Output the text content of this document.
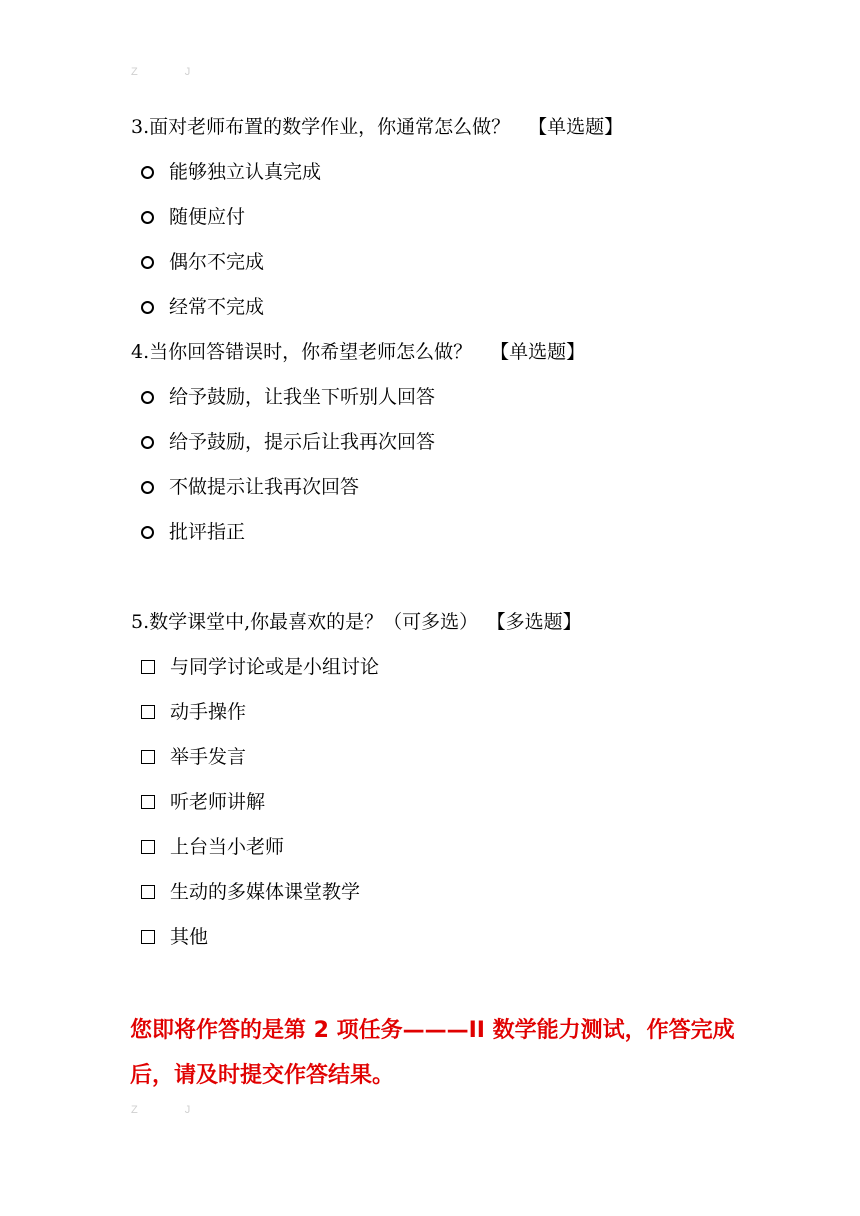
Z J
3.面对老师布置的数学作业，你通常怎么做？ 【单选题】
能够独立认真完成
随便应付
偶尔不完成
经常不完成
4.当你回答错误时，你希望老师怎么做？ 【单选题】
给予鼓励，让我坐下听别人回答
给予鼓励，提示后让我再次回答
不做提示让我再次回答
批评指正
5.数学课堂中,你最喜欢的是？（可多选） 【多选题】
与同学讨论或是小组讨论
动手操作
举手发言
听老师讲解
上台当小老师
生动的多媒体课堂教学
其他
您即将作答的是第 2 项任务———II 数学能力测试，作答完成后，请及时提交作答结果。
Z J
